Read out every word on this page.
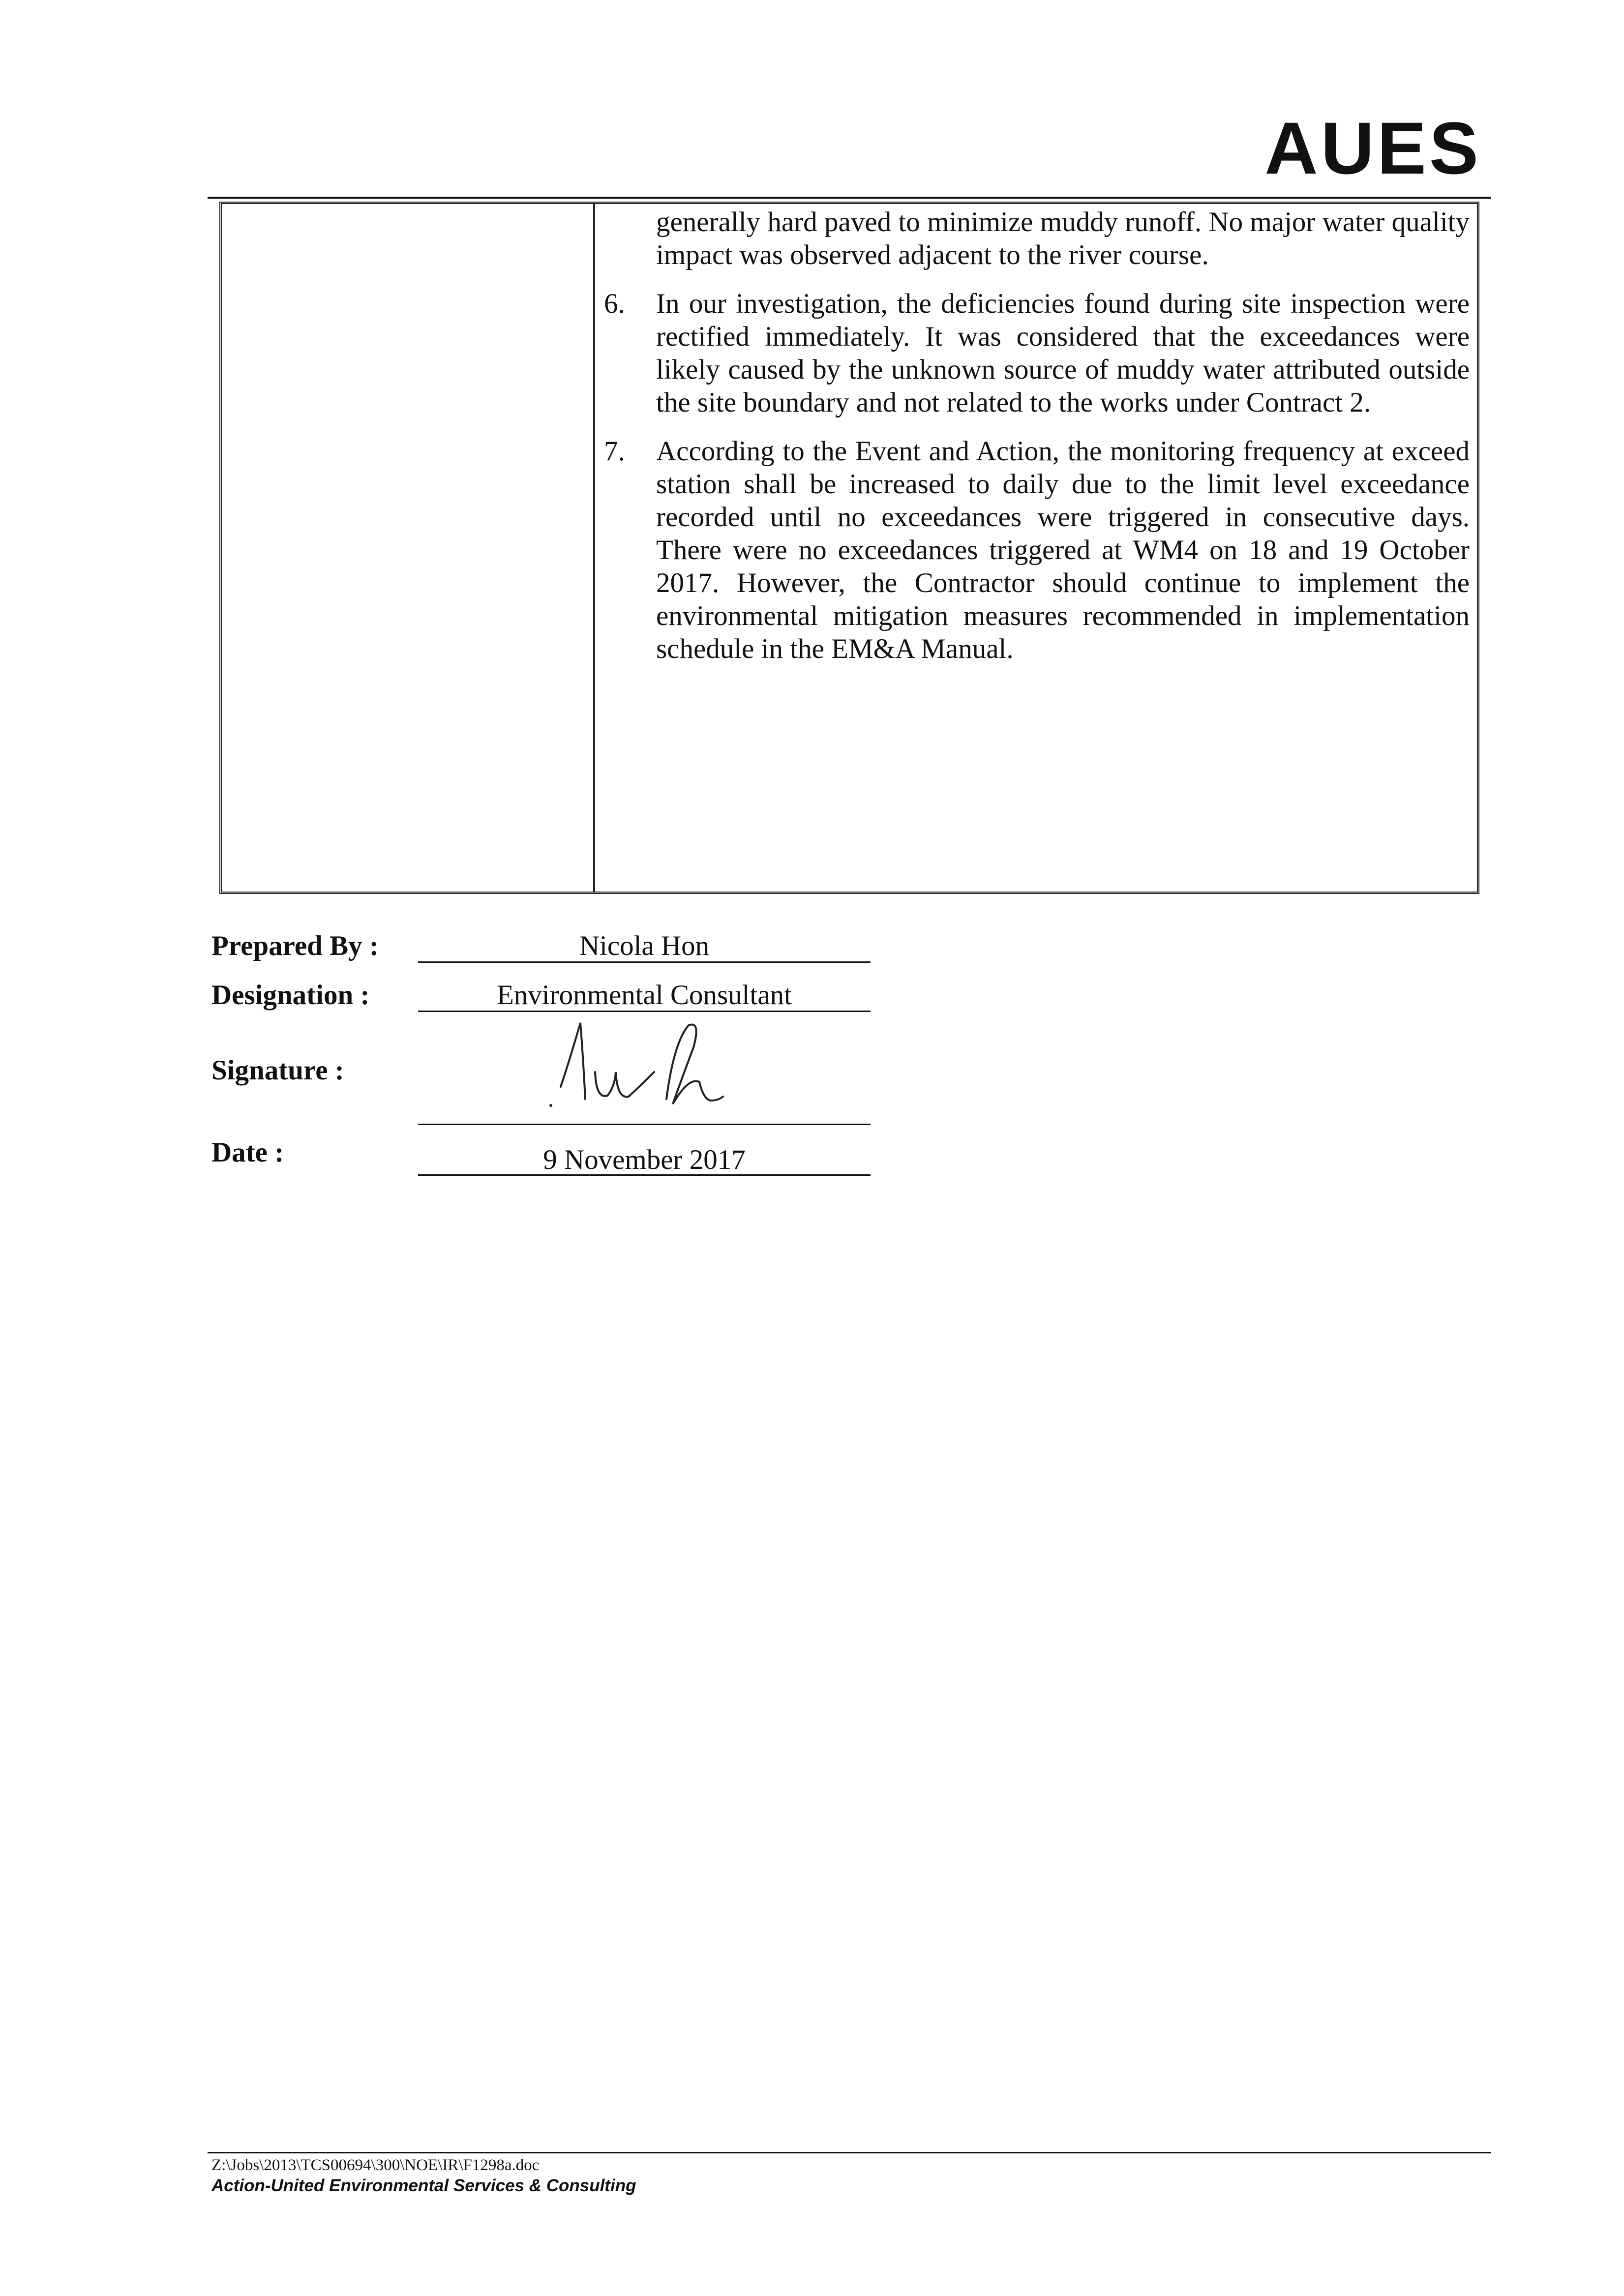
AUES
generally hard paved to minimize muddy runoff. No major water quality impact was observed adjacent to the river course.
6.	In our investigation, the deficiencies found during site inspection were rectified immediately. It was considered that the exceedances were likely caused by the unknown source of muddy water attributed outside the site boundary and not related to the works under Contract 2.
7.	According to the Event and Action, the monitoring frequency at exceed station shall be increased to daily due to the limit level exceedance recorded until no exceedances were triggered in consecutive days. There were no exceedances triggered at WM4 on 18 and 19 October 2017. However, the Contractor should continue to implement the environmental mitigation measures recommended in implementation schedule in the EM&A Manual.
Prepared By :	Nicola Hon
Designation :	Environmental Consultant
Signature :
Date :	9 November 2017
Z:\Jobs\2013\TCS00694\300\NOE\IR\F1298a.doc
Action-United Environmental Services & Consulting
